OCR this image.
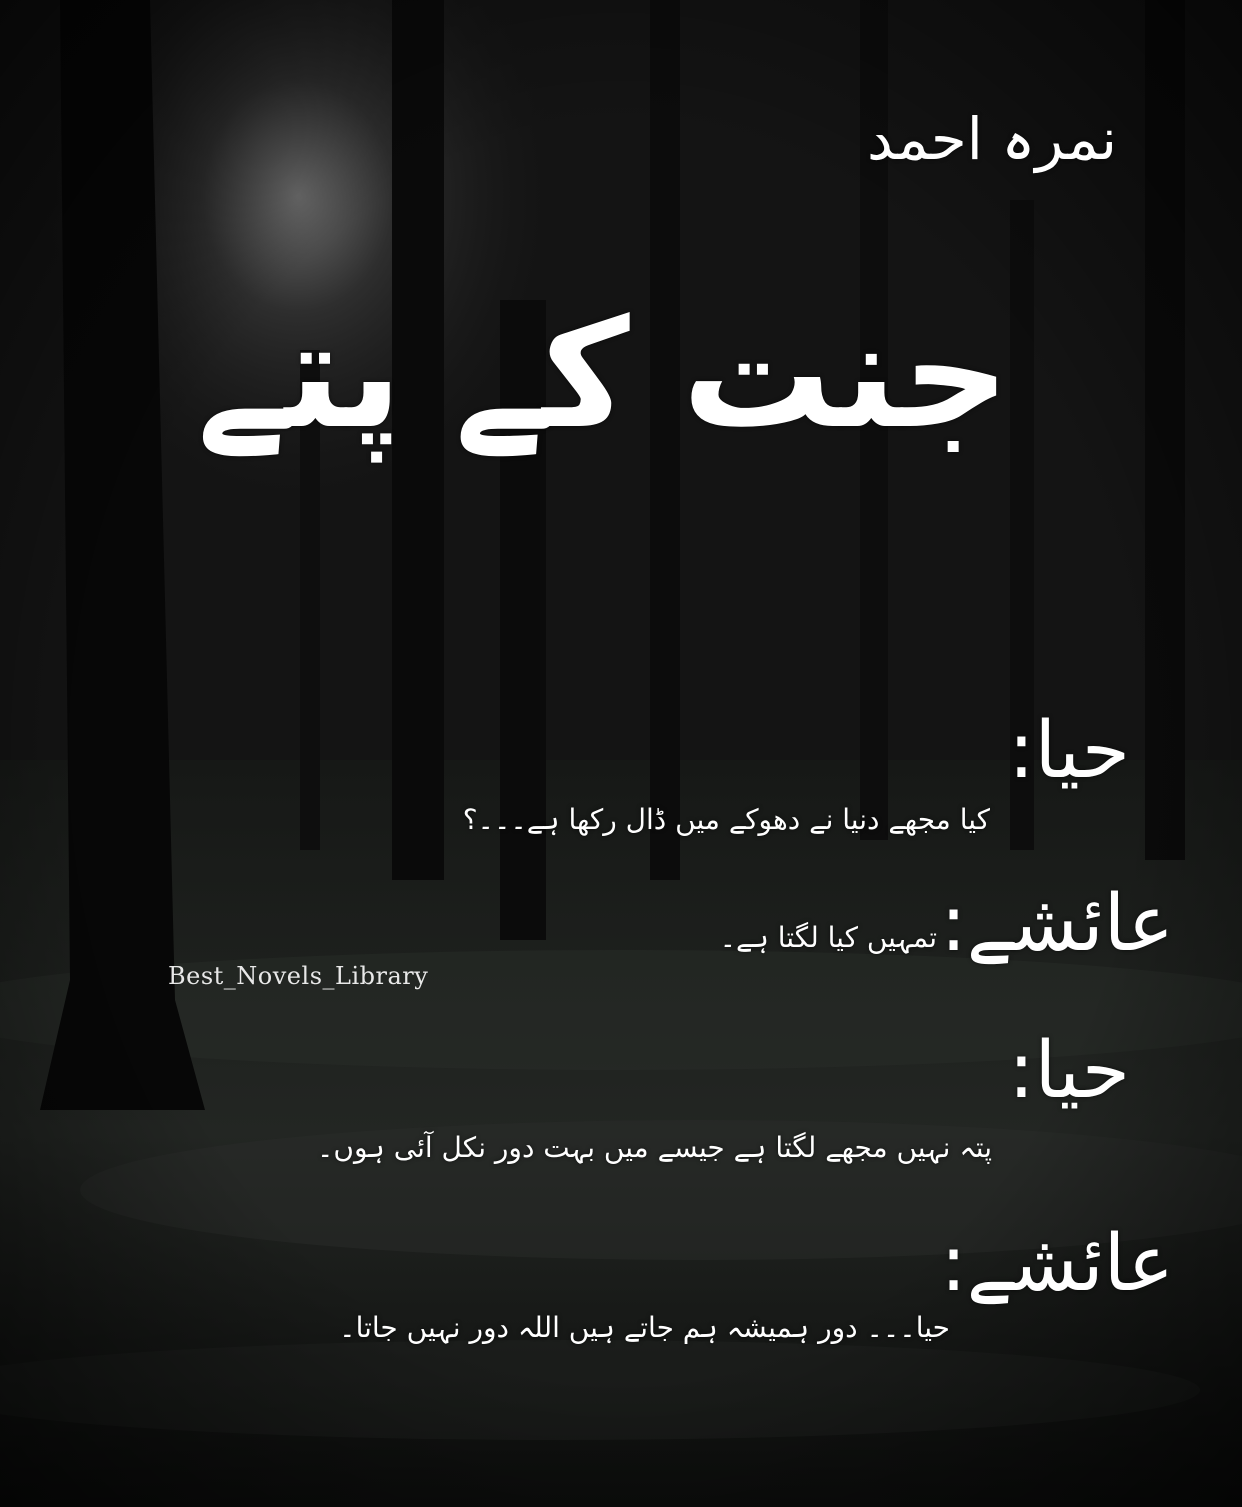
نمرہ احمد
جنت کے پتے
حیا:
کیا مجھے دنیا نے دھوکے میں ڈال رکھا ہے۔۔۔؟
عائشے:
تمہیں کیا لگتا ہے۔
حیا:
پتہ نہیں مجھے لگتا ہے جیسے میں بہت دور نکل آئی ہوں۔
عائشے:
حیا۔۔۔ دور ہمیشہ ہم جاتے ہیں اللہ دور نہیں جاتا۔
Best_Novels_Library
